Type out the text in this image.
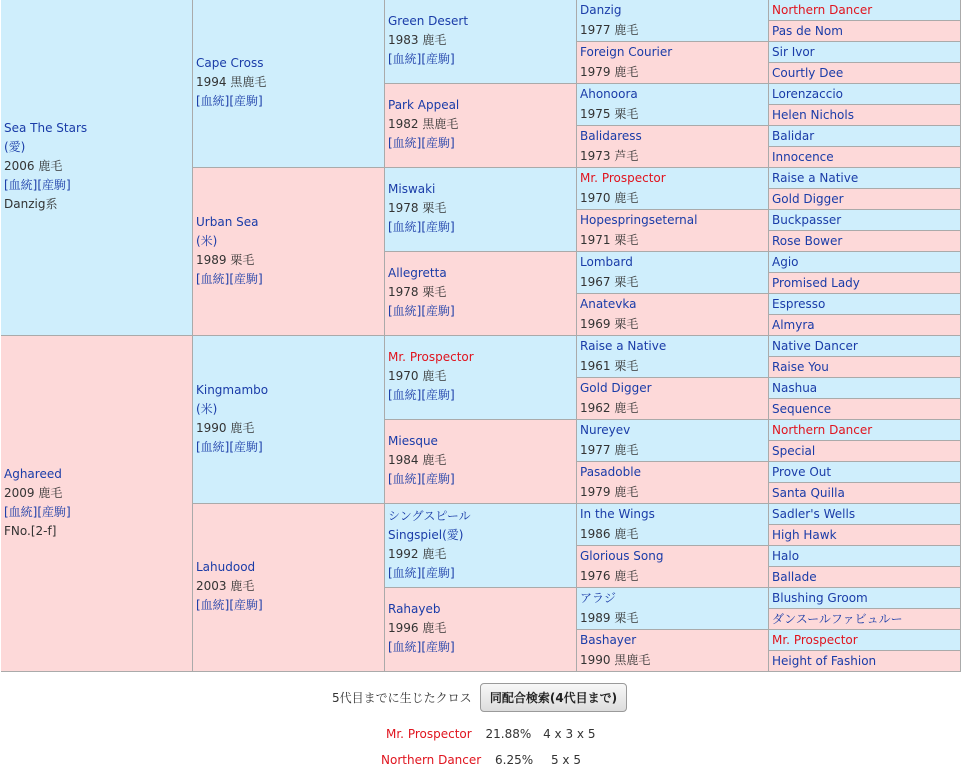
Sea The Stars
(愛)
2006 鹿毛
[血統][産駒]
Danzig系
Aghareed
2009 鹿毛
[血統][産駒]
FNo.[2-f]
Cape Cross
1994 黒鹿毛
[血統][産駒]
Urban Sea
(米)
1989 栗毛
[血統][産駒]
Kingmambo
(米)
1990 鹿毛
[血統][産駒]
Lahudood
2003 鹿毛
[血統][産駒]
Green Desert
1983 鹿毛
[血統][産駒]
Park Appeal
1982 黒鹿毛
[血統][産駒]
Miswaki
1978 栗毛
[血統][産駒]
Allegretta
1978 栗毛
[血統][産駒]
Mr. Prospector
1970 鹿毛
[血統][産駒]
Miesque
1984 鹿毛
[血統][産駒]
シングスピール
Singspiel(愛)
1992 鹿毛
[血統][産駒]
Rahayeb
1996 鹿毛
[血統][産駒]
Danzig
1977 鹿毛
Foreign Courier
1979 鹿毛
Ahonoora
1975 栗毛
Balidaress
1973 芦毛
Mr. Prospector
1970 鹿毛
Hopespringseternal
1971 栗毛
Lombard
1967 栗毛
Anatevka
1969 栗毛
Raise a Native
1961 栗毛
Gold Digger
1962 鹿毛
Nureyev
1977 鹿毛
Pasadoble
1979 鹿毛
In the Wings
1986 鹿毛
Glorious Song
1976 鹿毛
アラジ
1989 栗毛
Bashayer
1990 黒鹿毛
Northern Dancer
Pas de Nom
Sir Ivor
Courtly Dee
Lorenzaccio
Helen Nichols
Balidar
Innocence
Raise a Native
Gold Digger
Buckpasser
Rose Bower
Agio
Promised Lady
Espresso
Almyra
Native Dancer
Raise You
Nashua
Sequence
Northern Dancer
Special
Prove Out
Santa Quilla
Sadler's Wells
High Hawk
Halo
Ballade
Blushing Groom
ダンスールファビュルー
Mr. Prospector
Height of Fashion
5代目までに生じたクロス	同配合検索(4代目まで)
Mr. Prospector 21.88% 4 x 3 x 5
Northern Dancer 6.25% 5 x 5
